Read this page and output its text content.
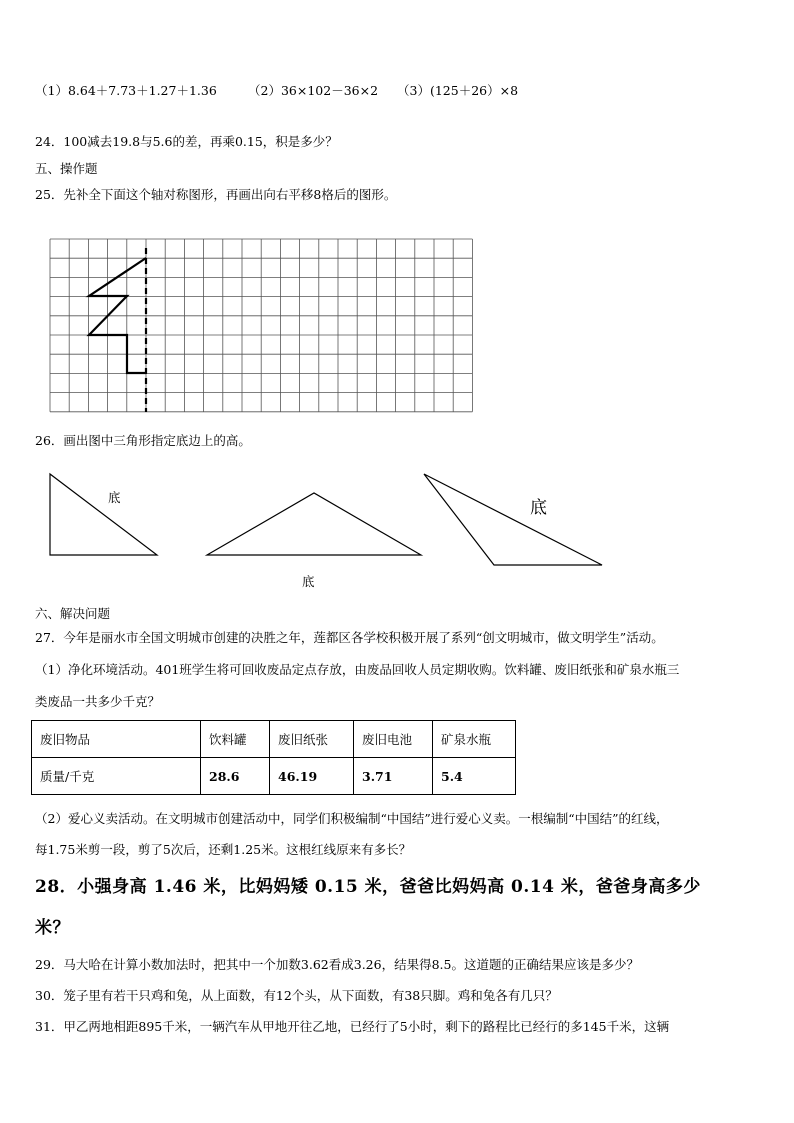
（1）8.64＋7.73＋1.27＋1.36 （2）36×102－36×2 （3）(125＋26）×8
24．100减去19.8与5.6的差，再乘0.15，积是多少？
五、操作题
25．先补全下面这个轴对称图形，再画出向右平移8格后的图形。
26．画出图中三角形指定底边上的高。
底
底
底
六、解决问题
27．今年是丽水市全国文明城市创建的决胜之年，莲都区各学校积极开展了系列“创文明城市，做文明学生”活动。
（1）净化环境活动。401班学生将可回收废品定点存放，由废品回收人员定期收购。饮料罐、废旧纸张和矿泉水瓶三
类废品一共多少千克？
废旧物品	饮料罐	废旧纸张	废旧电池	矿泉水瓶
质量/千克	28.6	46.19	3.71	5.4
（2）爱心义卖活动。在文明城市创建活动中，同学们积极编制“中国结”进行爱心义卖。一根编制“中国结”的红线，
每1.75米剪一段，剪了5次后，还剩1.25米。这根红线原来有多长？
28．小强身高 1.46 米，比妈妈矮 0.15 米，爸爸比妈妈高 0.14 米，爸爸身高多少
米？
29．马大哈在计算小数加法时，把其中一个加数3.62看成3.26，结果得8.5。这道题的正确结果应该是多少？
30．笼子里有若干只鸡和兔，从上面数，有12个头，从下面数，有38只脚。鸡和兔各有几只？
31．甲乙两地相距895千米，一辆汽车从甲地开往乙地，已经行了5小时，剩下的路程比已经行的多145千米，这辆
